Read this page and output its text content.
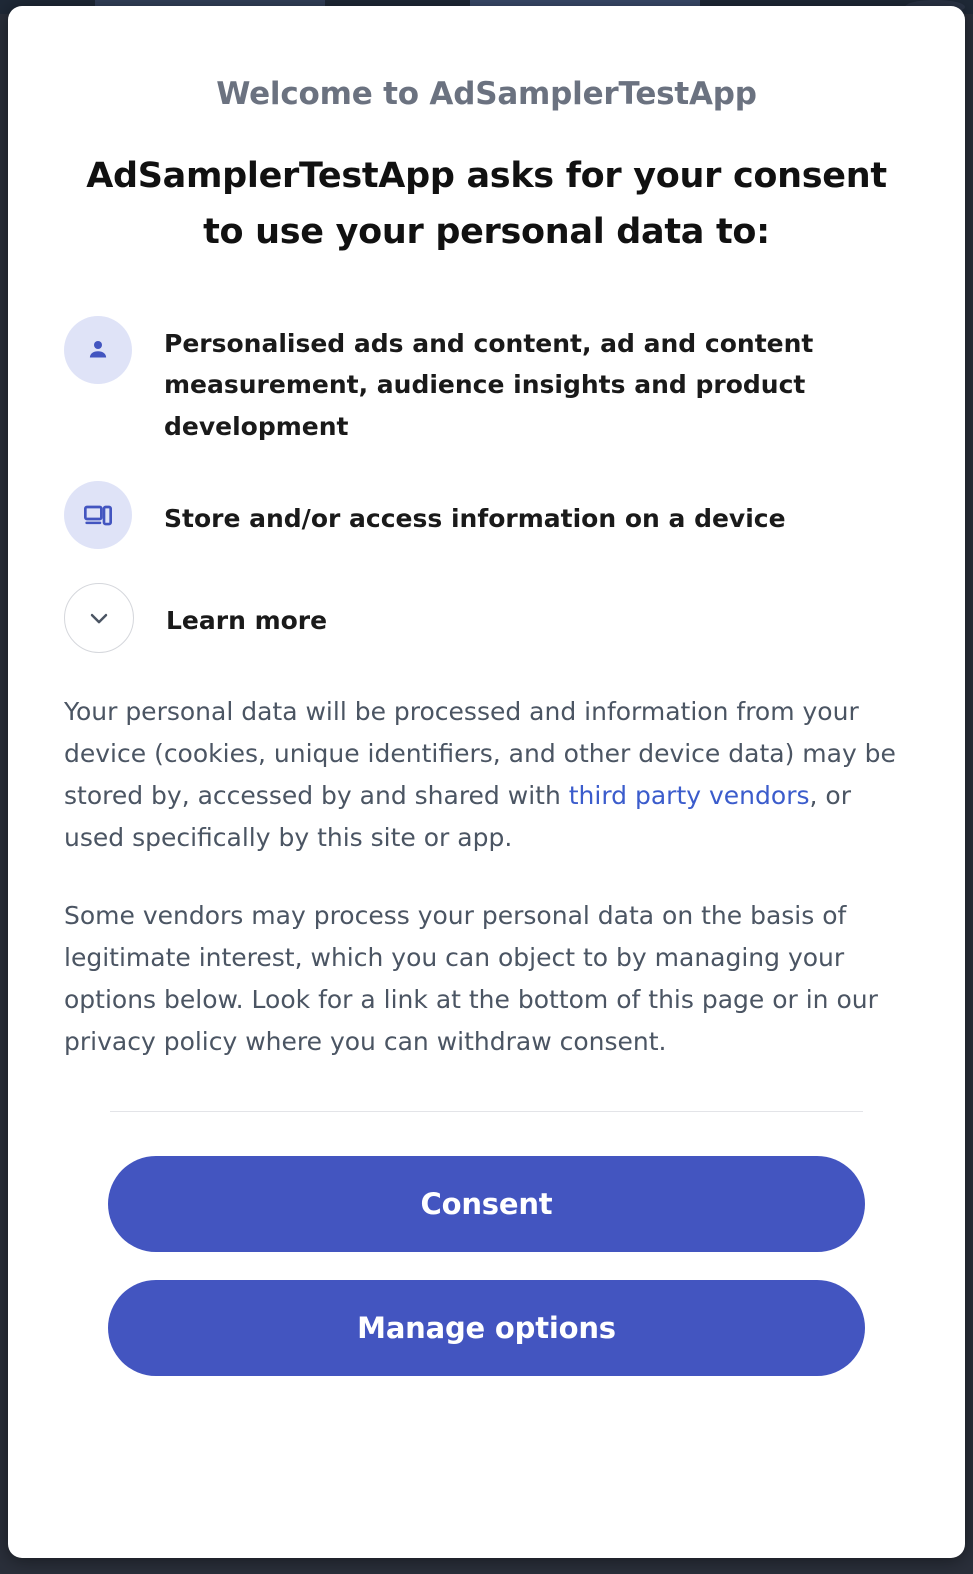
Welcome to AdSamplerTestApp
AdSamplerTestApp asks for your consent to use your personal data to:
Personalised ads and content, ad and content measurement, audience insights and product development
Store and/or access information on a device
Learn more

Your personal data will be processed and information from your device (cookies, unique identifiers, and other device data) may be stored by, accessed by and shared with third party vendors, or used specifically by this site or app.

Some vendors may process your personal data on the basis of legitimate interest, which you can object to by managing your options below. Look for a link at the bottom of this page or in our privacy policy where you can withdraw consent.

Consent
Manage options
